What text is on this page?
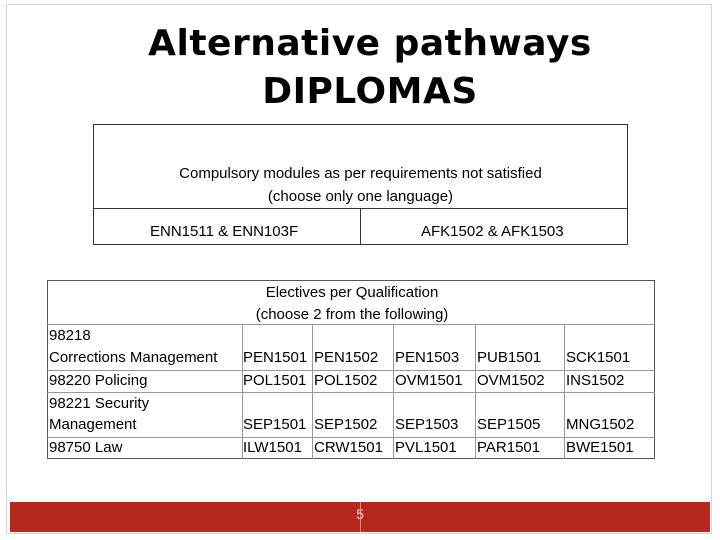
Alternative pathways
DIPLOMAS
Compulsory modules as per requirements not satisfied
(choose only one language)
ENN1511 & ENN103F	AFK1502 & AFK1503
Electives per Qualification
(choose 2 from the following)
98218
Corrections Management PEN1501 PEN1502 PEN1503 PUB1501 SCK1501
98220 Policing	POL1501 POL1502 OVM1501 OVM1502 INS1502
98221 Security
Management	SEP1501 SEP1502 SEP1503 SEP1505 MNG1502
98750 Law	ILW1501 CRW1501 PVL1501 PAR1501 BWE1501
5
